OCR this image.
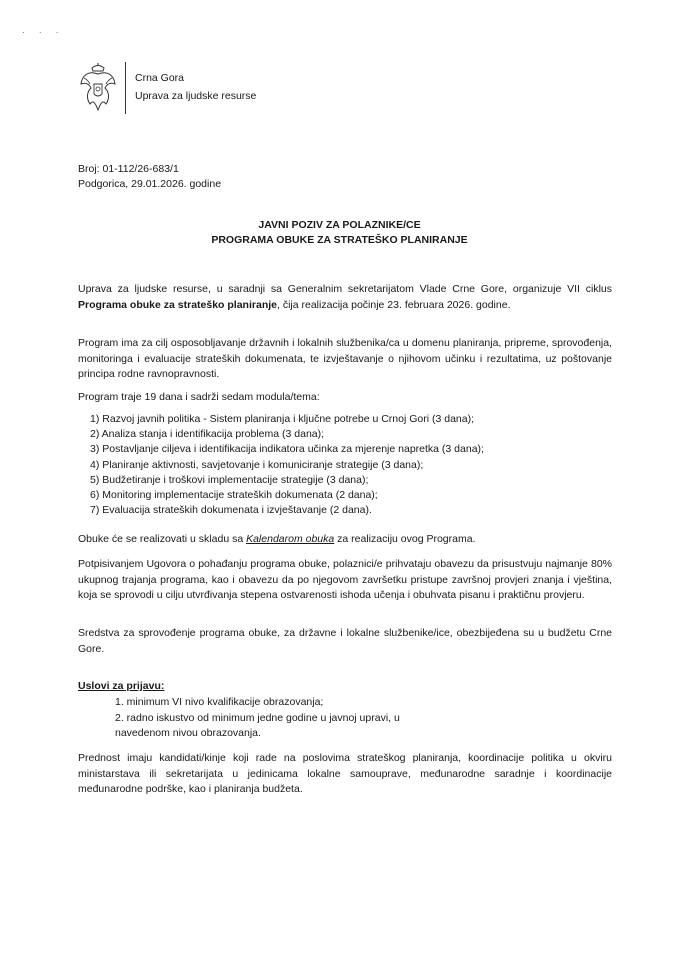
· · ·
Crna Gora
Uprava za ljudske resurse
Broj: 01-112/26-683/1
Podgorica, 29.01.2026. godine
JAVNI POZIV ZA POLAZNIKE/CE
PROGRAMA OBUKE ZA STRATEŠKO PLANIRANJE
Uprava za ljudske resurse, u saradnji sa Generalnim sekretarijatom Vlade Crne Gore, organizuje VII ciklus Programa obuke za strateško planiranje, čija realizacija počinje 23. februara 2026. godine.
Program ima za cilj osposobljavanje državnih i lokalnih službenika/ca u domenu planiranja, pripreme, sprovođenja, monitoringa i evaluacije strateških dokumenata, te izvještavanje o njihovom učinku i rezultatima, uz poštovanje principa rodne ravnopravnosti.
Program traje 19 dana i sadrži sedam modula/tema:
1) Razvoj javnih politika - Sistem planiranja i ključne potrebe u Crnoj Gori (3 dana);
2) Analiza stanja i identifikacija problema (3 dana);
3) Postavljanje ciljeva i identifikacija indikatora učinka za mjerenje napretka (3 dana);
4) Planiranje aktivnosti, savjetovanje i komuniciranje strategije (3 dana);
5) Budžetiranje i troškovi implementacije strategije (3 dana);
6) Monitoring implementacije strateških dokumenata (2 dana);
7) Evaluacija strateških dokumenata i izvještavanje (2 dana).
Obuke će se realizovati u skladu sa Kalendarom obuka za realizaciju ovog Programa.
Potpisivanjem Ugovora o pohađanju programa obuke, polaznici/e prihvataju obavezu da prisustvuju najmanje 80% ukupnog trajanja programa, kao i obavezu da po njegovom završetku pristupe završnoj provjeri znanja i vještina, koja se sprovodi u cilju utvrđivanja stepena ostvarenosti ishoda učenja i obuhvata pisanu i praktičnu provjeru.
Sredstva za sprovođenje programa obuke, za državne i lokalne službenike/ice, obezbijeđena su u budžetu Crne Gore.
Uslovi za prijavu:
1. minimum VI nivo kvalifikacije obrazovanja;
2. radno iskustvo od minimum jedne godine u javnoj upravi, u navedenom nivou obrazovanja.
Prednost imaju kandidati/kinje koji rade na poslovima strateškog planiranja, koordinacije politika u okviru ministarstava ili sekretarijata u jedinicama lokalne samouprave, međunarodne saradnje i koordinacije međunarodne podrške, kao i planiranja budžeta.
